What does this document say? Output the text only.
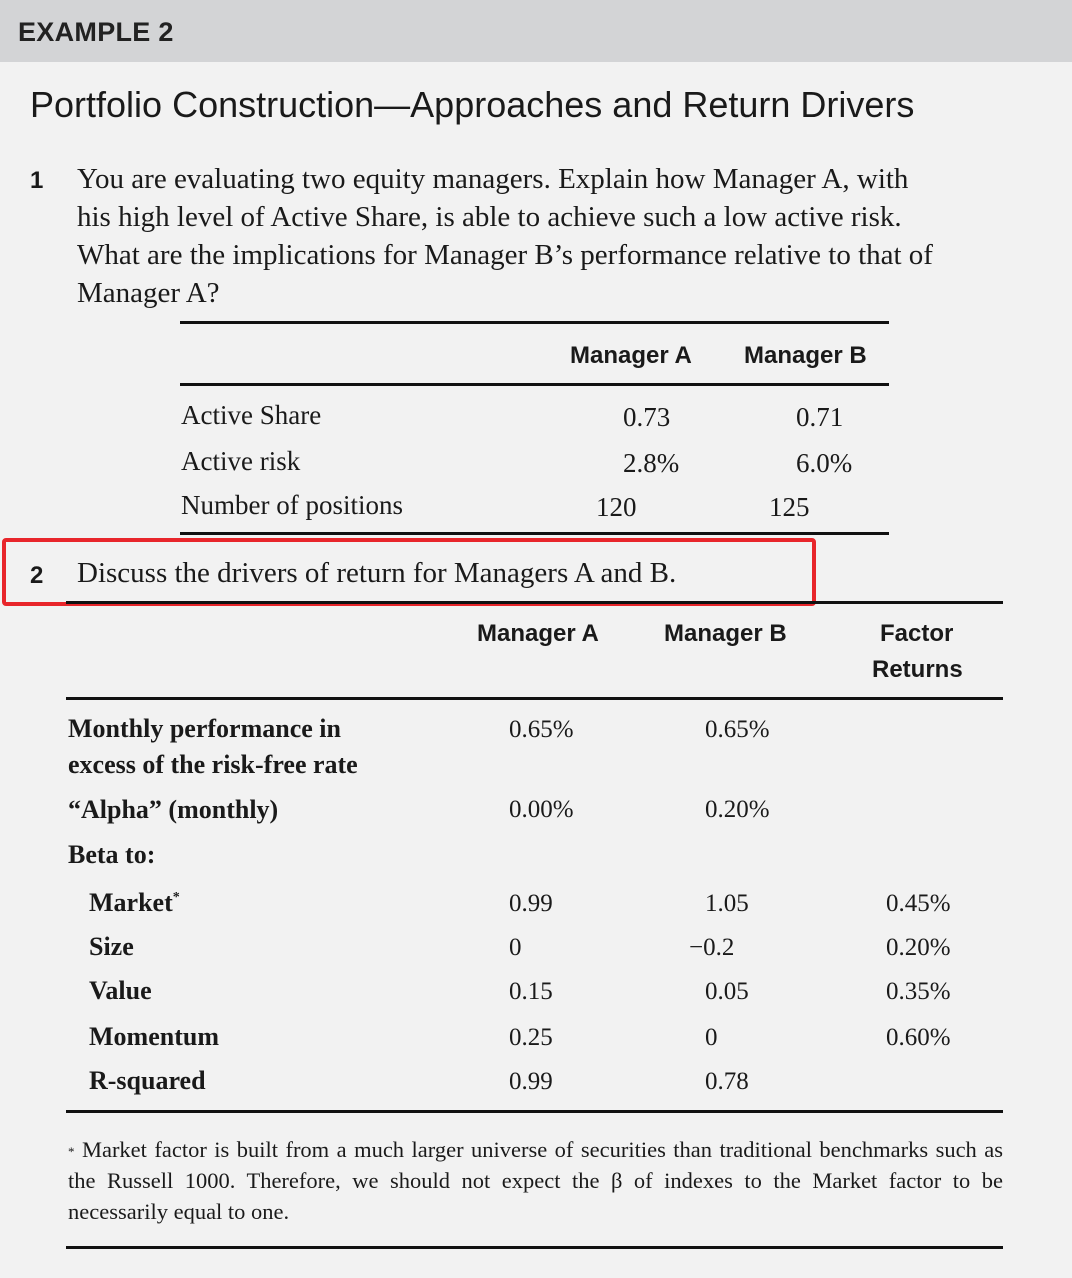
EXAMPLE 2
Portfolio Construction—Approaches and Return Drivers
1 You are evaluating two equity managers. Explain how Manager A, with
his high level of Active Share, is able to achieve such a low active risk.
What are the implications for Manager B’s performance relative to that of
Manager A?
Manager A Manager B
Active Share	0.73	0.71
Active risk	2.8%	6.0%
Number of positions	120	125
2 Discuss the drivers of return for Managers A and B.
Manager A	Manager B	Factor
Returns
Monthly performance in
excess of the risk-free rate
0.65%	0.65%
“Alpha” (monthly)	0.00%	0.20%
Beta to:
Market*	0.99	1.05	0.45%
Size	0	−0.2	0.20%
Value	0.15	0.05	0.35%
Momentum	0.25	0	0.60%
R-squared	0.99	0.78
* Market factor is built from a much larger universe of securities than traditional benchmarks such as the Russell 1000. Therefore, we should not expect the β of indexes to the Market factor to be necessarily equal to one.
